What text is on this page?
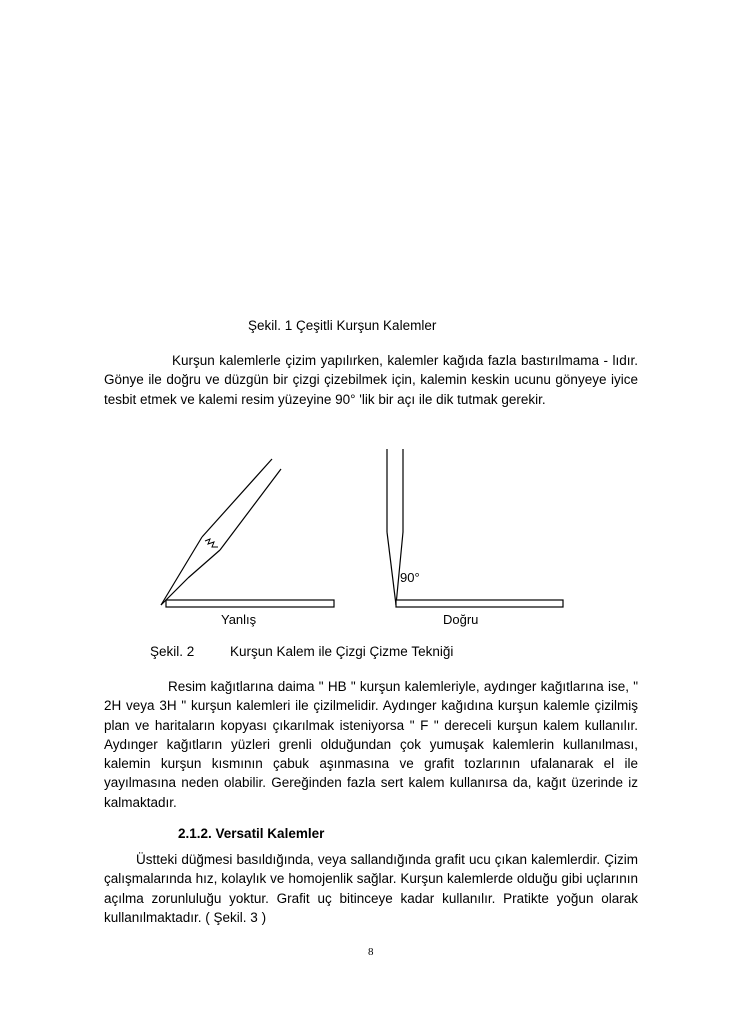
Şekil. 1 Çeşitli Kurşun Kalemler
Kurşun kalemlerle çizim yapılırken, kalemler kağıda fazla bastırılmama - lıdır. Gönye ile doğru ve düzgün bir çizgi çizebilmek için, kalemin keskin ucunu gönyeye iyice tesbit etmek ve kalemi resim yüzeyine 90° 'lik bir açı ile dik tutmak gerekir.
90°
Yanlış	Doğru
Şekil. 2	Kurşun Kalem ile Çizgi Çizme Tekniği
Resim kağıtlarına daima " HB " kurşun kalemleriyle, aydınger kağıtlarına ise, " 2H veya 3H " kurşun kalemleri ile çizilmelidir. Aydınger kağıdına kurşun kalemle çizilmiş plan ve haritaların kopyası çıkarılmak isteniyorsa " F " dereceli kurşun kalem kullanılır. Aydınger kağıtların yüzleri grenli olduğundan çok yumuşak kalemlerin kullanılması, kalemin kurşun kısmının çabuk aşınmasına ve grafit tozlarının ufalanarak el ile yayılmasına neden olabilir. Gereğinden fazla sert kalem kullanırsa da, kağıt üzerinde iz kalmaktadır.
2.1.2. Versatil Kalemler
Üstteki düğmesi basıldığında, veya sallandığında grafit ucu çıkan kalemlerdir. Çizim çalışmalarında hız, kolaylık ve homojenlik sağlar. Kurşun kalemlerde olduğu gibi uçlarının açılma zorunluluğu yoktur. Grafit uç bitinceye kadar kullanılır. Pratikte yoğun olarak kullanılmaktadır. ( Şekil. 3 )
8
